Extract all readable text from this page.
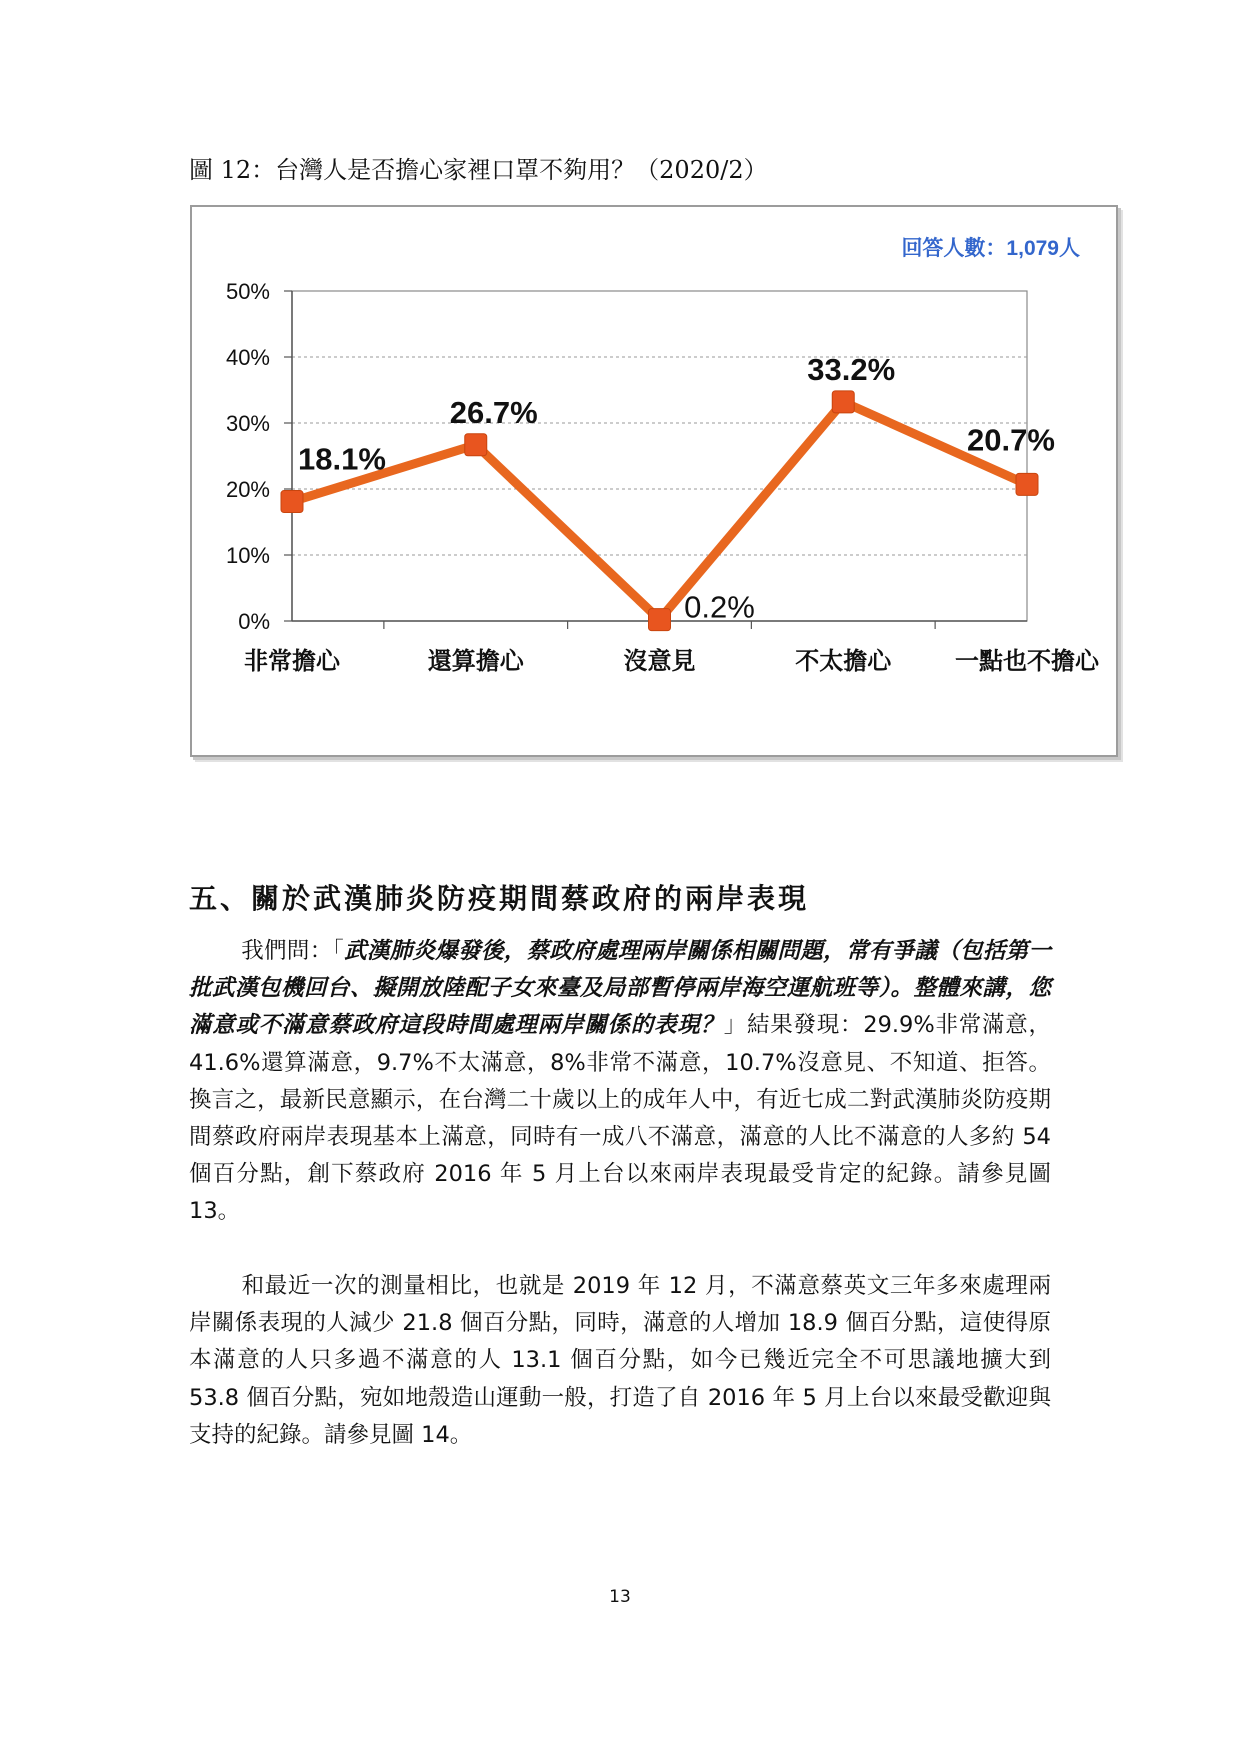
圖 12：台灣人是否擔心家裡口罩不夠用？（2020/2）
回答人數：1,079人
0%
10%
20%
30%
40%
50%
非常擔心	還算擔心	沒意見	不太擔心	一點也不擔心
18.1%
26.7%
0.2%
33.2%
20.7%
五、關於武漢肺炎防疫期間蔡政府的兩岸表現
我們問：「武漢肺炎爆發後，蔡政府處理兩岸關係相關問題，常有爭議（包括第一批武漢包機回台、擬開放陸配子女來臺及局部暫停兩岸海空運航班等）。整體來講，您滿意或不滿意蔡政府這段時間處理兩岸關係的表現？」結果發現：29.9%非常滿意，41.6%還算滿意，9.7%不太滿意，8%非常不滿意，10.7%沒意見、不知道、拒答。換言之，最新民意顯示，在台灣二十歲以上的成年人中，有近七成二對武漢肺炎防疫期間蔡政府兩岸表現基本上滿意，同時有一成八不滿意，滿意的人比不滿意的人多約 54 個百分點，創下蔡政府 2016 年 5 月上台以來兩岸表現最受肯定的紀錄。請參見圖 13。
和最近一次的測量相比，也就是 2019 年 12 月，不滿意蔡英文三年多來處理兩岸關係表現的人減少 21.8 個百分點，同時，滿意的人增加 18.9 個百分點，這使得原本滿意的人只多過不滿意的人 13.1 個百分點，如今已幾近完全不可思議地擴大到 53.8 個百分點，宛如地殼造山運動一般，打造了自 2016 年 5 月上台以來最受歡迎與支持的紀錄。請參見圖 14。
13
